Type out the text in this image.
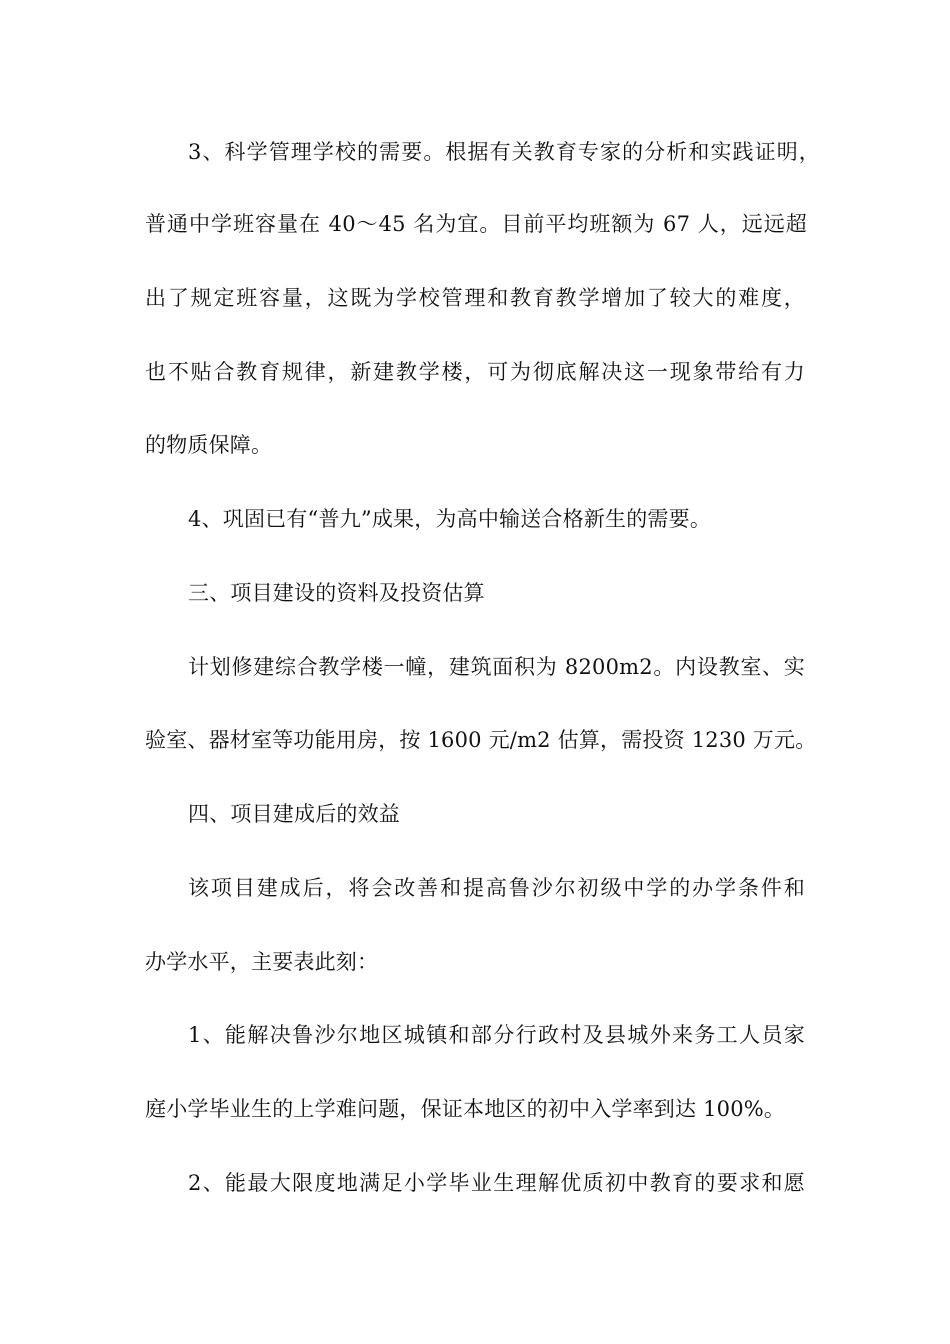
3、科学管理学校的需要。根据有关教育专家的分析和实践证明，
普通中学班容量在 40～45 名为宜。目前平均班额为 67 人，远远超
出了规定班容量，这既为学校管理和教育教学增加了较大的难度，
也不贴合教育规律，新建教学楼，可为彻底解决这一现象带给有力
的物质保障。
4、巩固已有“普九”成果，为高中输送合格新生的需要。
三、项目建设的资料及投资估算
计划修建综合教学楼一幢，建筑面积为 8200m2。内设教室、实
验室、器材室等功能用房，按 1600 元/m2 估算，需投资 1230 万元。
四、项目建成后的效益
该项目建成后，将会改善和提高鲁沙尔初级中学的办学条件和
办学水平，主要表此刻：
1、能解决鲁沙尔地区城镇和部分行政村及县城外来务工人员家
庭小学毕业生的上学难问题，保证本地区的初中入学率到达 100%。
2、能最大限度地满足小学毕业生理解优质初中教育的要求和愿
